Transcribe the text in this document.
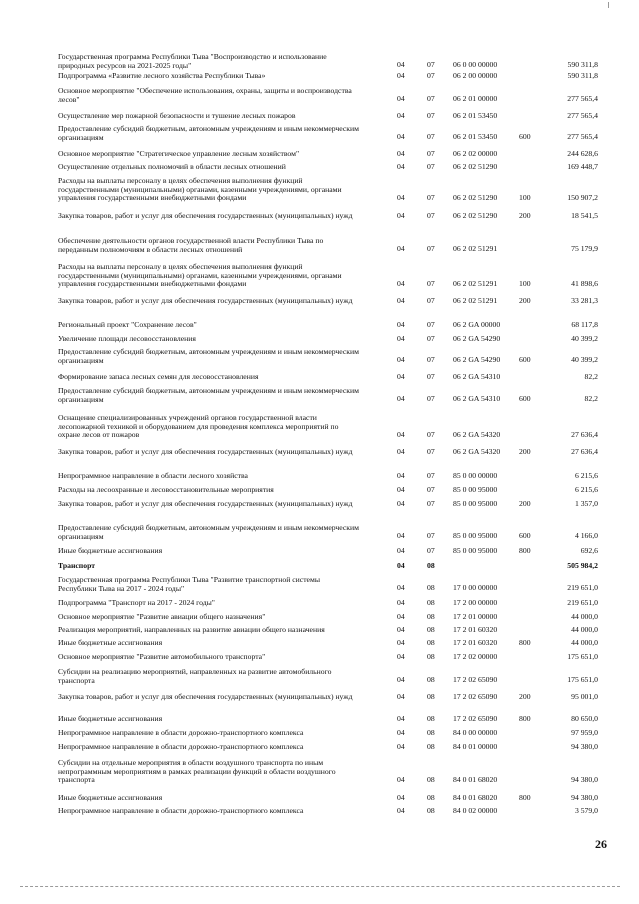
Государственная программа Республики Тыва "Воспроизводство и использование природных ресурсов на 2021-2025 годы"	04	07 06 0 00 00000	590 311,8
Подпрограмма «Развитие лесного хозяйства Республики Тыва»	04	07 06 2 00 00000	590 311,8
Основное мероприятие "Обеспечение использования, охраны, защиты и воспроизводства лесов"	04	07 06 2 01 00000	277 565,4
Осуществление мер пожарной безопасности и тушение лесных пожаров	04	07 06 2 01 53450	277 565,4
Предоставление субсидий бюджетным, автономным учреждениям и иным некоммерческим организациям	04	07 06 2 01 53450	600	277 565,4
Основное мероприятие "Стратегическое управление лесным хозяйством"	04	07 06 2 02 00000	244 628,6
Осуществление отдельных полномочий в области лесных отношений	04	07 06 2 02 51290	169 448,7
Расходы на выплаты персоналу в целях обеспечения выполнения функций государственными (муниципальными) органами, казенными учреждениями, органами управления государственными внебюджетными фондами	04	07 06 2 02 51290	100	150 907,2
Закупка товаров, работ и услуг для обеспечения государственных (муниципальных) нужд	04	07 06 2 02 51290	200	18 541,5
Обеспечение деятельности органов государственной власти Республики Тыва по переданным полномочиям в области лесных отношений	04	07 06 2 02 51291	75 179,9
Расходы на выплаты персоналу в целях обеспечения выполнения функций государственными (муниципальными) органами, казенными учреждениями, органами управления государственными внебюджетными фондами	04	07 06 2 02 51291	100	41 898,6
Закупка товаров, работ и услуг для обеспечения государственных (муниципальных) нужд	04	07 06 2 02 51291	200	33 281,3
Региональный проект "Сохранение лесов"	04	07 06 2 GA 00000	68 117,8
Увеличение площади лесовосстановления	04	07 06 2 GA 54290	40 399,2
Предоставление субсидий бюджетным, автономным учреждениям и иным некоммерческим организациям	04	07 06 2 GA 54290 600	40 399,2
Формирование запаса лесных семян для лесовосстановления	04	07 06 2 GA 54310	82,2
Предоставление субсидий бюджетным, автономным учреждениям и иным некоммерческим организациям	04	07 06 2 GA 54310 600	82,2
Оснащение специализированных учреждений органов государственной власти лесопожарной техникой и оборудованием для проведения комплекса мероприятий по охране лесов от пожаров	04	07 06 2 GA 54320	27 636,4
Закупка товаров, работ и услуг для обеспечения государственных (муниципальных) нужд	04	07 06 2 GA 54320 200	27 636,4
Непрограммное направление в области лесного хозяйства	04	07 85 0 00 00000	6 215,6
Расходы на лесоохранные и лесовосстановительные мероприятия	04	07 85 0 00 95000	6 215,6
Закупка товаров, работ и услуг для обеспечения государственных (муниципальных) нужд	04	07 85 0 00 95000	200	1 357,0
Предоставление субсидий бюджетным, автономным учреждениям и иным некоммерческим организациям	04	07 85 0 00 95000	600	4 166,0
Иные бюджетные ассигнования	04	07 85 0 00 95000	800	692,6
Транспорт	04	08	505 984,2
Государственная программа Республики Тыва "Развитие транспортной системы Республики Тыва на 2017 - 2024 годы"	04	08 17 0 00 00000	219 651,0
Подпрограмма "Транспорт на 2017 - 2024 годы"	04	08 17 2 00 00000	219 651,0
Основное мероприятие "Развитие авиации общего назначения"	04	08 17 2 01 00000	44 000,0
Реализация мероприятий, направленных на развитие авиации общего назначения	04	08 17 2 01 60320	44 000,0
Иные бюджетные ассигнования	04	08 17 2 01 60320	800	44 000,0
Основное мероприятие "Развитие автомобильного транспорта"	04	08 17 2 02 00000	175 651,0
Субсидии на реализацию мероприятий, направленных на развитие автомобильного транспорта	04	08 17 2 02 65090	175 651,0
Закупка товаров, работ и услуг для обеспечения государственных (муниципальных) нужд	04	08 17 2 02 65090	200	95 001,0
Иные бюджетные ассигнования	04	08 17 2 02 65090	800	80 650,0
Непрограммное направление в области дорожно-транспортного комплекса	04	08 84 0 00 00000	97 959,0
Непрограммное направление в области дорожно-транспортного комплекса	04	08 84 0 01 00000	94 380,0
Субсидии на отдельные мероприятия в области воздушного транспорта по иным непрограммным мероприятиям в рамках реализации функций в области воздушного транспорта	04	08 84 0 01 68020	94 380,0
Иные бюджетные ассигнования	04	08 84 0 01 68020	800	94 380,0
Непрограммное направление в области дорожно-транспортного комплекса	04	08 84 0 02 00000	3 579,0
26
